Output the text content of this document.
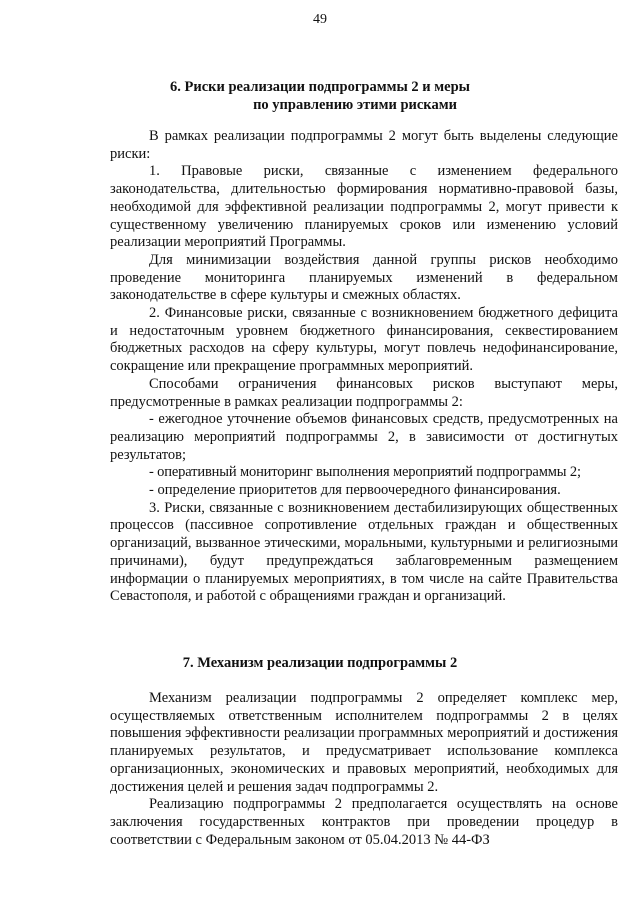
49
6. Риски реализации подпрограммы 2 и меры
по управлению этими рисками

В рамках реализации подпрограммы 2 могут быть выделены следующие риски:

1. Правовые риски, связанные с изменением федерального законодательства, длительностью формирования нормативно-правовой базы, необходимой для эффективной реализации подпрограммы 2, могут привести к существенному увеличению планируемых сроков или изменению условий реализации мероприятий Программы.

Для минимизации воздействия данной группы рисков необходимо проведение мониторинга планируемых изменений в федеральном законодательстве в сфере культуры и смежных областях.

2. Финансовые риски, связанные с возникновением бюджетного дефицита и недостаточным уровнем бюджетного финансирования, секвестированием бюджетных расходов на сферу культуры, могут повлечь недофинансирование, сокращение или прекращение программных мероприятий.

Способами ограничения финансовых рисков выступают меры, предусмотренные в рамках реализации подпрограммы 2:

- ежегодное уточнение объемов финансовых средств, предусмотренных на реализацию мероприятий подпрограммы 2, в зависимости от достигнутых результатов;

- оперативный мониторинг выполнения мероприятий подпрограммы 2;

- определение приоритетов для первоочередного финансирования.

3. Риски, связанные с возникновением дестабилизирующих общественных процессов (пассивное сопротивление отдельных граждан и общественных организаций, вызванное этическими, моральными, культурными и религиозными причинами), будут предупреждаться заблаговременным размещением информации о планируемых мероприятиях, в том числе на сайте Правительства Севастополя, и работой с обращениями граждан и организаций.

7. Механизм реализации подпрограммы 2

Механизм реализации подпрограммы 2 определяет комплекс мер, осуществляемых ответственным исполнителем подпрограммы 2 в целях повышения эффективности реализации программных мероприятий и достижения планируемых результатов, и предусматривает использование комплекса организационных, экономических и правовых мероприятий, необходимых для достижения целей и решения задач подпрограммы 2.

Реализацию подпрограммы 2 предполагается осуществлять на основе заключения государственных контрактов при проведении процедур в соответствии с Федеральным законом от 05.04.2013 № 44-ФЗ
